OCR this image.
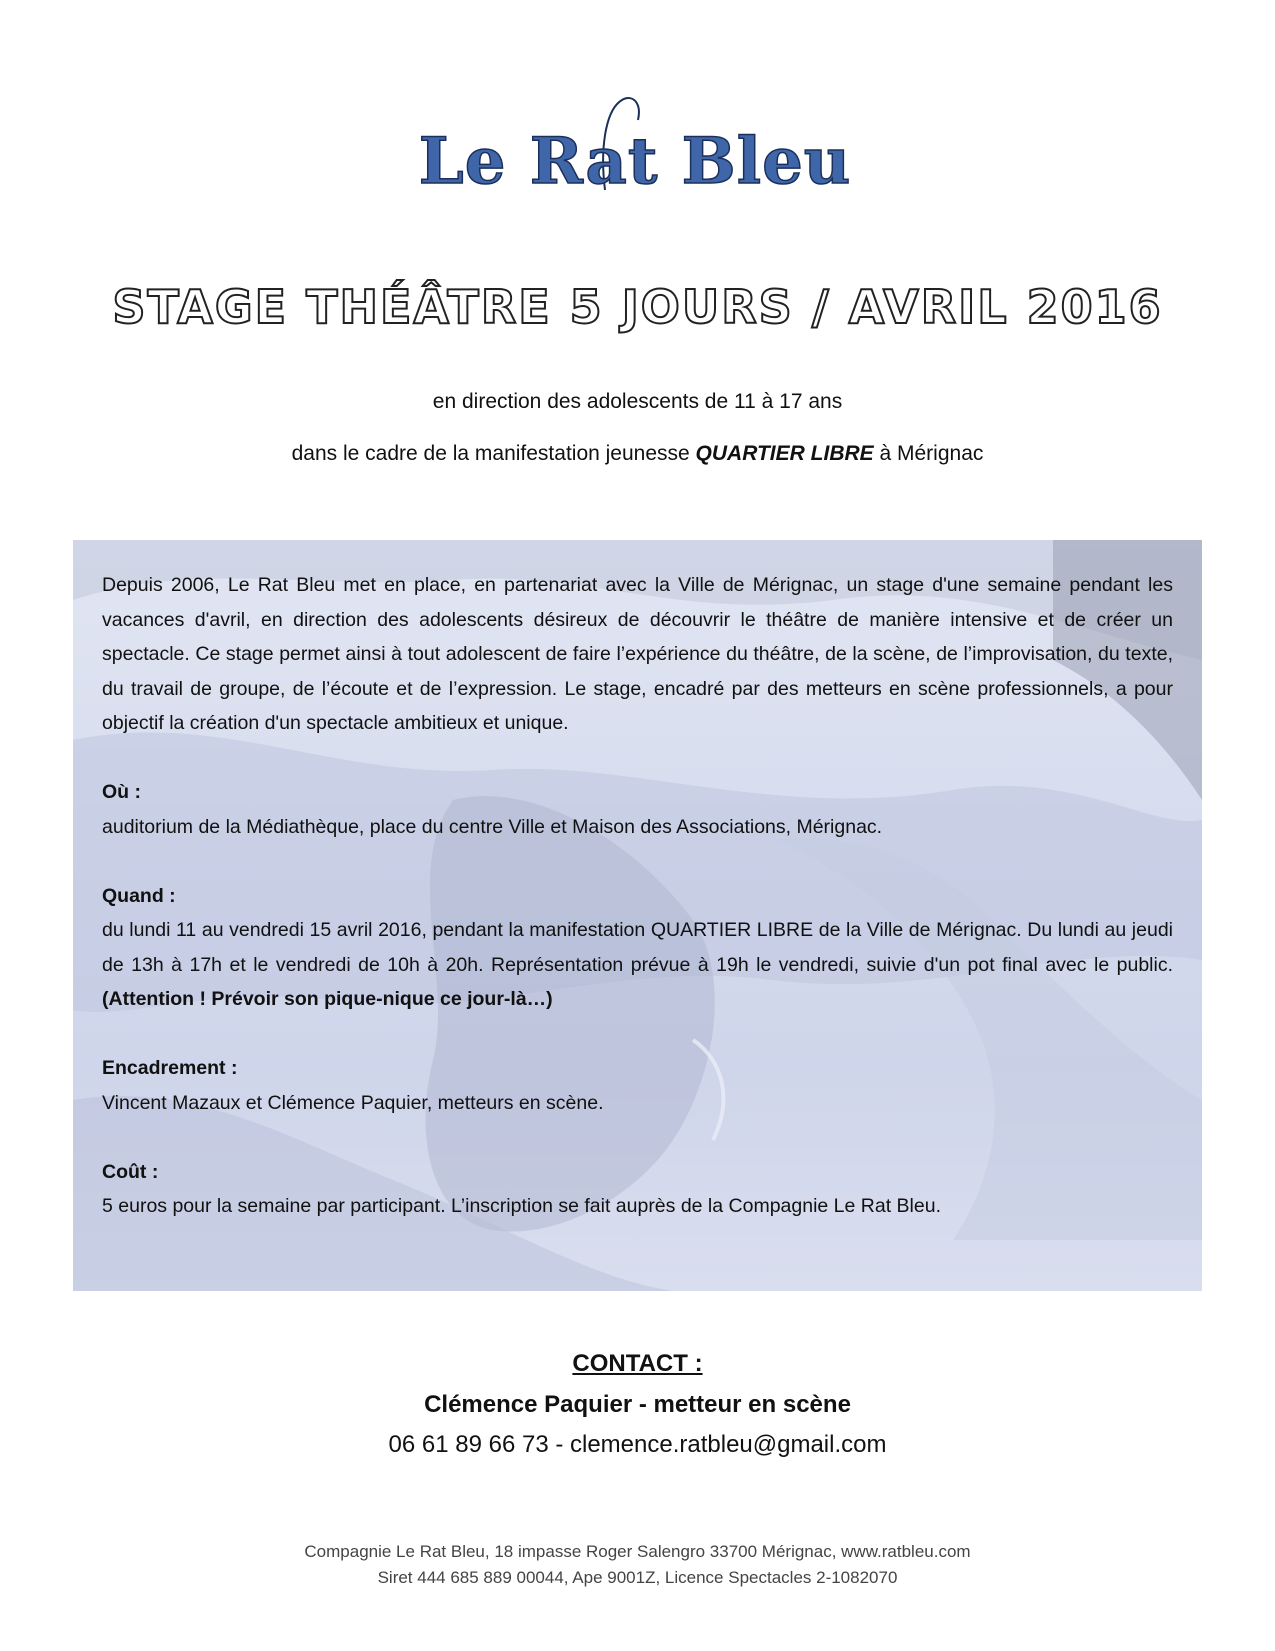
Le Rat Bleu
STAGE THÉÂTRE 5 JOURS / AVRIL 2016
en direction des adolescents de 11 à 17 ans
dans le cadre de la manifestation jeunesse QUARTIER LIBRE à Mérignac

Depuis 2006, Le Rat Bleu met en place, en partenariat avec la Ville de Mérignac, un stage d'une semaine pendant les vacances d'avril, en direction des adolescents désireux de découvrir le théâtre de manière intensive et de créer un spectacle. Ce stage permet ainsi à tout adolescent de faire l’expérience du théâtre, de la scène, de l’improvisation, du texte, du travail de groupe, de l’écoute et de l’expression. Le stage, encadré par des metteurs en scène professionnels, a pour objectif la création d'un spectacle ambitieux et unique.

Où :

auditorium de la Médiathèque, place du centre Ville et Maison des Associations, Mérignac.

Quand :

du lundi 11 au vendredi 15 avril 2016, pendant la manifestation QUARTIER LIBRE de la Ville de Mérignac. Du lundi au jeudi de 13h à 17h et le vendredi de 10h à 20h. Représentation prévue à 19h le vendredi, suivie d'un pot final avec le public. (Attention ! Prévoir son pique-nique ce jour-là…)

Encadrement :

Vincent Mazaux et Clémence Paquier, metteurs en scène.

Coût :

5 euros pour la semaine par participant. L’inscription se fait auprès de la Compagnie Le Rat Bleu.

CONTACT :
Clémence Paquier - metteur en scène
06 61 89 66 73 - clemence.ratbleu@gmail.com
Compagnie Le Rat Bleu, 18 impasse Roger Salengro 33700 Mérignac, www.ratbleu.com
Siret 444 685 889 00044, Ape 9001Z, Licence Spectacles 2-1082070
